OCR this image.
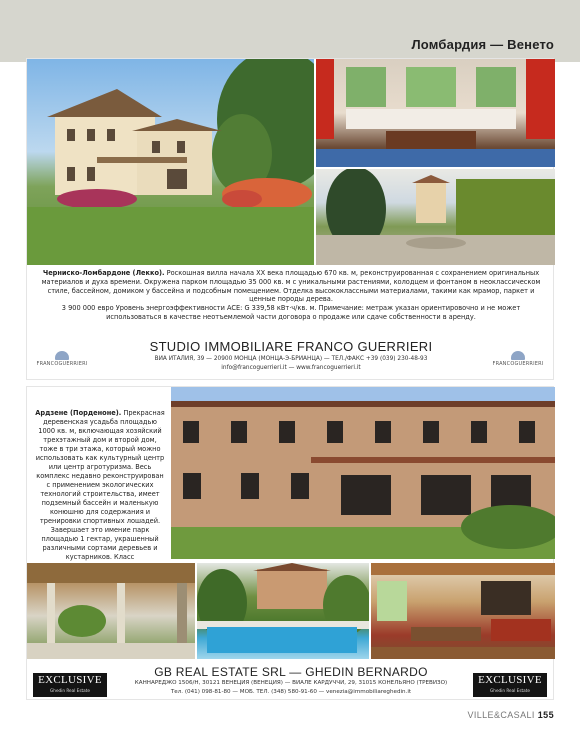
Ломбардия — Венето
Черниско-Ломбардоне (Лекко). Роскошная вилла начала ХХ века площадью 670 кв. м, реконструированная с сохранением оригинальных материалов и духа времени. Окружена парком площадью 35 000 кв. м с уникальными растениями, колодцем и фонтаном в неоклассическом стиле, бассейном, домиком у бассейна и подсобным помещением. Отделка высококлассными материалами, такими как мрамор, паркет и ценные породы дерева.
3 900 000 евро Уровень энергоэффективности ACE: G 339,58 кВт·ч/кв. м. Примечание: метраж указан ориентировочно и не может использоваться в качестве неотъемлемой части договора о продаже или сдаче собственности в аренду.
STUDIO IMMOBILIARE FRANCO GUERRIERI
ВИА ИТАЛИЯ, 39 — 20900 МОНЦА (МОНЦА-Э-БРИАНЦА) — ТЕЛ./ФАКС +39 (039) 230-48-93
info@francoguerrieri.it — www.francoguerrieri.it
FRANCOGUERRIERI	FRANCOGUERRIERI
Ардзене (Порденоне). Прекрасная деревенская усадьба площадью 1000 кв. м, включающая хозяйский трехэтажный дом и второй дом, тоже в три этажа, который можно использовать как культурный центр или центр агротуризма. Весь комплекс недавно реконструирован с применением экологических технологий строительства, имеет подземный бассейн и маленькую конюшню для содержания и тренировки спортивных лошадей. Завершает это имение парк площадью 1 гектар, украшенный различными сортами деревьев и кустарников. Класс

GB REAL ESTATE SRL — GHEDIN BERNARDO
КАННАРЕДЖО 1506/Н, 30121 ВЕНЕЦИЯ (ВЕНЕЦИЯ) — ВИАЛЕ КАРДУЧЧИ, 29, 31015 КОНЕЛЬЯНО (ТРЕВИЗО)
Тел. (041) 098-81-80 — МОБ. ТЕЛ. (348) 580-91-60 — venezia@immobiliareghedin.it
EXCLUSIVE
Ghedin Real Estate
EXCLUSIVE
Ghedin Real Estate
VILLE&CASALI 155
